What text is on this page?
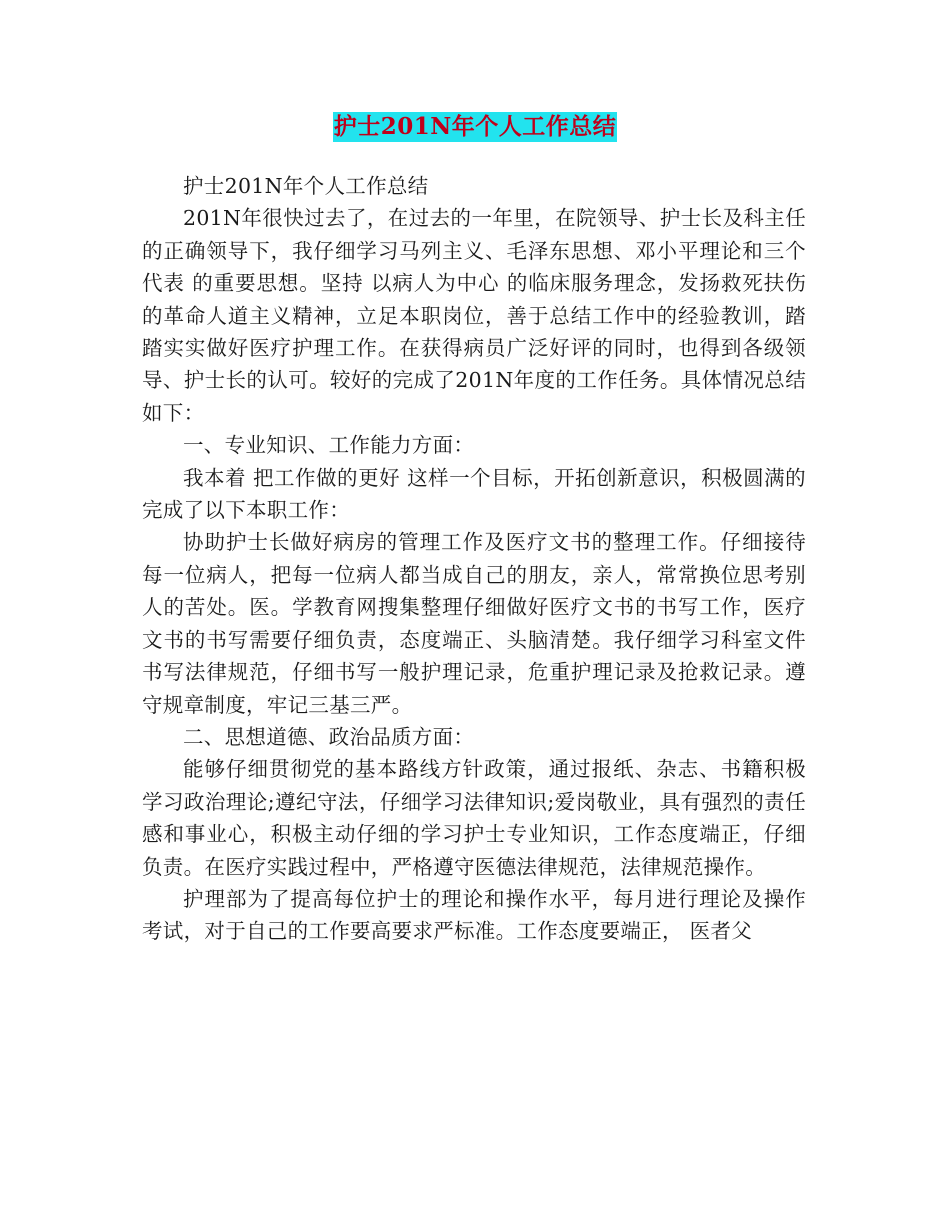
护士201N年个人工作总结

护士201N年个人工作总结

201N年很快过去了，在过去的一年里，在院领导、护士长及科主任的正确领导下，我仔细学习马列主义、毛泽东思想、邓小平理论和三个代表 的重要思想。坚持 以病人为中心 的临床服务理念，发扬救死扶伤的革命人道主义精神，立足本职岗位，善于总结工作中的经验教训，踏踏实实做好医疗护理工作。在获得病员广泛好评的同时，也得到各级领导、护士长的认可。较好的完成了201N年度的工作任务。具体情况总结如下：

一、专业知识、工作能力方面：

我本着 把工作做的更好 这样一个目标，开拓创新意识，积极圆满的完成了以下本职工作：

协助护士长做好病房的管理工作及医疗文书的整理工作。仔细接待每一位病人，把每一位病人都当成自己的朋友，亲人，常常换位思考别人的苦处。医。学教育网搜集整理仔细做好医疗文书的书写工作，医疗文书的书写需要仔细负责，态度端正、头脑清楚。我仔细学习科室文件书写法律规范，仔细书写一般护理记录，危重护理记录及抢救记录。遵守规章制度，牢记三基三严。

二、思想道德、政治品质方面：

能够仔细贯彻党的基本路线方针政策，通过报纸、杂志、书籍积极学习政治理论;遵纪守法，仔细学习法律知识;爱岗敬业，具有强烈的责任感和事业心，积极主动仔细的学习护士专业知识，工作态度端正，仔细负责。在医疗实践过程中，严格遵守医德法律规范，法律规范操作。

护理部为了提高每位护士的理论和操作水平，每月进行理论及操作考试，对于自己的工作要高要求严标准。工作态度要端正， 医者父
